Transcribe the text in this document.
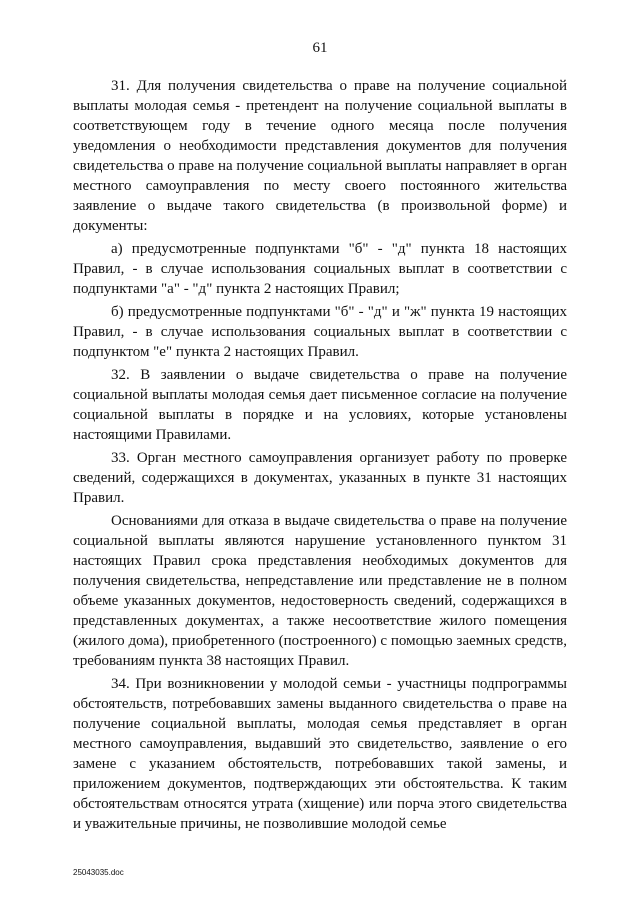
61

31. Для получения свидетельства о праве на получение социальной выплаты молодая семья - претендент на получение социальной выплаты в соответствующем году в течение одного месяца после получения уведомления о необходимости представления документов для получения свидетельства о праве на получение социальной выплаты направляет в орган местного самоуправления по месту своего постоянного жительства заявление о выдаче такого свидетельства (в произвольной форме) и документы:

а) предусмотренные подпунктами "б" - "д" пункта 18 настоящих Правил, - в случае использования социальных выплат в соответствии с подпунктами "а" - "д" пункта 2 настоящих Правил;

б) предусмотренные подпунктами "б" - "д" и "ж" пункта 19 настоящих Правил, - в случае использования социальных выплат в соответствии с подпунктом "е" пункта 2 настоящих Правил.

32. В заявлении о выдаче свидетельства о праве на получение социальной выплаты молодая семья дает письменное согласие на получение социальной выплаты в порядке и на условиях, которые установлены настоящими Правилами.

33. Орган местного самоуправления организует работу по проверке сведений, содержащихся в документах, указанных в пункте 31 настоящих Правил.

Основаниями для отказа в выдаче свидетельства о праве на получение социальной выплаты являются нарушение установленного пунктом 31 настоящих Правил срока представления необходимых документов для получения свидетельства, непредставление или представление не в полном объеме указанных документов, недостоверность сведений, содержащихся в представленных документах, а также несоответствие жилого помещения (жилого дома), приобретенного (построенного) с помощью заемных средств, требованиям пункта 38 настоящих Правил.

34. При возникновении у молодой семьи - участницы подпрограммы обстоятельств, потребовавших замены выданного свидетельства о праве на получение социальной выплаты, молодая семья представляет в орган местного самоуправления, выдавший это свидетельство, заявление о его замене с указанием обстоятельств, потребовавших такой замены, и приложением документов, подтверждающих эти обстоятельства. К таким обстоятельствам относятся утрата (хищение) или порча этого свидетельства и уважительные причины, не позволившие молодой семье

25043035.doc
